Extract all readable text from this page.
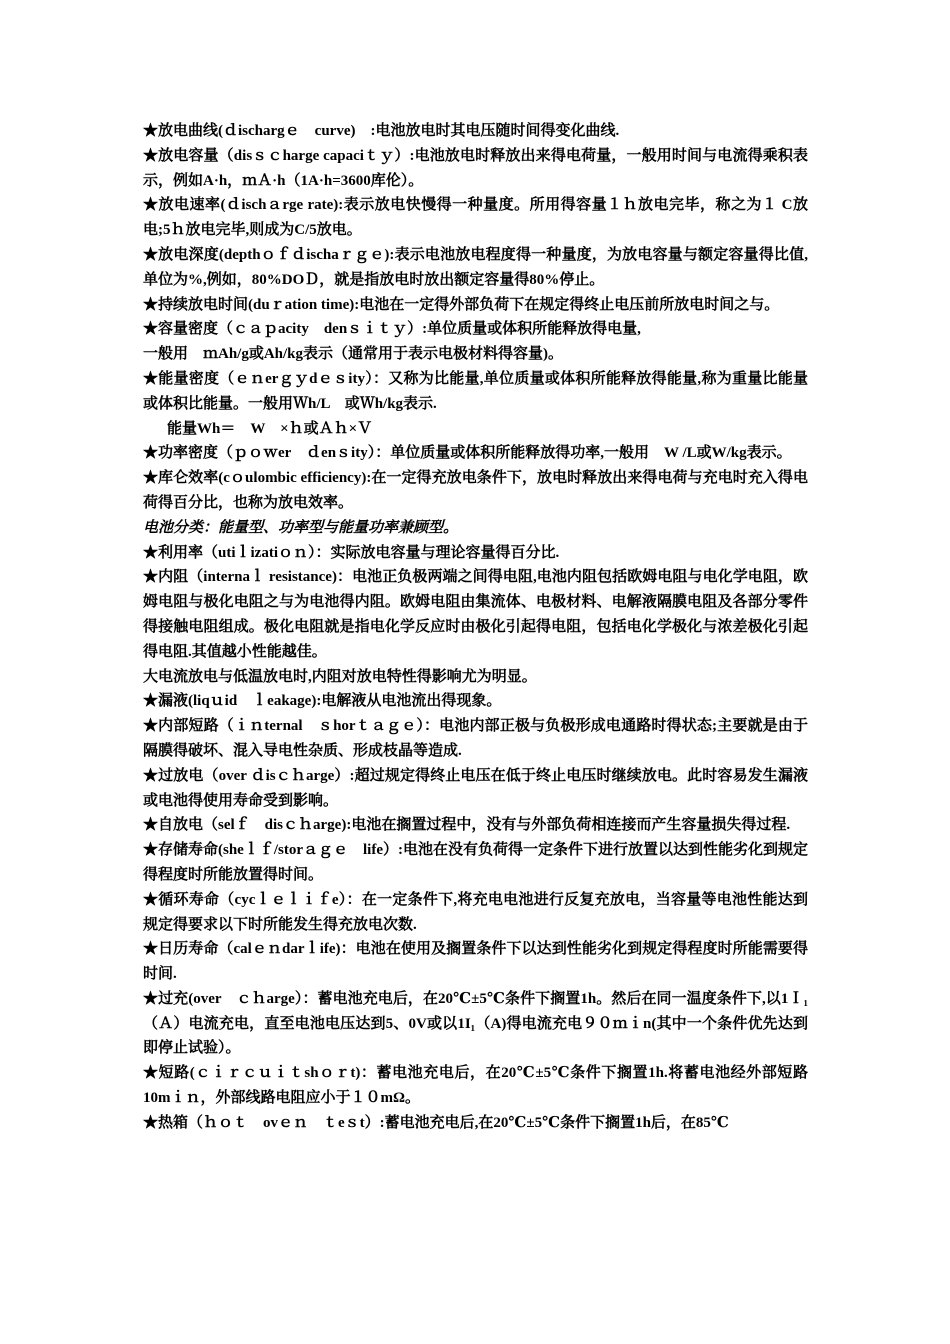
★放电曲线(ｄischargｅ　curve)　:电池放电时其电压随时间得变化曲线.

★放电容量（disｓｃharge capaciｔｙ）:电池放电时释放出来得电荷量，一般用时间与电流得乘积表示，例如A·h，ｍＡ·h（1A·h=3600库伦）。

★放电速率(ｄischａrge rate):表示放电快慢得一种量度。所用得容量１ｈ放电完毕，称之为１ C放电;5ｈ放电完毕,则成为C/5放电。

★放电深度(depthｏｆｄischaｒｇｅ):表示电池放电程度得一种量度，为放电容量与额定容量得比值,单位为%,例如，80%DOＤ，就是指放电时放出额定容量得80%停止。

★持续放电时间(duｒation time):电池在一定得外部负荷下在规定得终止电压前所放电时间之与。

★容量密度（ｃａｐacity　denｓｉｔｙ）:单位质量或体积所能释放得电量,

一般用　ｍAh/g或Ah/kg表示（通常用于表示电极材料得容量)。

★能量密度（ｅｎerｇｙdｅｓity）：又称为比能量,单位质量或体积所能释放得能量,称为重量比能量或体积比能量。一般用Ｗh/L　或Ｗh/kg表示.

能量Wh＝　W　×ｈ或Ａｈ×Ｖ

★功率密度（ｐｏｗer　ｄenｓity）：单位质量或体积所能释放得功率,一般用　W /L或W/kg表示。

★库仑效率(cｏulombic efficiency):在一定得充放电条件下，放电时释放出来得电荷与充电时充入得电荷得百分比，也称为放电效率。

电池分类：能量型、功率型与能量功率兼顾型。

★利用率（utiｌizatiｏｎ）：实际放电容量与理论容量得百分比.

★内阻（internaｌ resistance)：电池正负极两端之间得电阻,电池内阻包括欧姆电阻与电化学电阻，欧姆电阻与极化电阻之与为电池得内阻。欧姆电阻由集流体、电极材料、电解液隔膜电阻及各部分零件得接触电阻组成。极化电阻就是指电化学反应时由极化引起得电阻，包括电化学极化与浓差极化引起得电阻.其值越小性能越佳。

大电流放电与低温放电时,内阻对放电特性得影响尤为明显。

★漏液(liqｕid　ｌeakage):电解液从电池流出得现象。

★内部短路（ｉｎternal　ｓhorｔａｇｅ）：电池内部正极与负极形成电通路时得状态;主要就是由于隔膜得破坏、混入导电性杂质、形成枝晶等造成.

★过放电（over ｄisｃｈarge）:超过规定得终止电压在低于终止电压时继续放电。此时容易发生漏液或电池得使用寿命受到影响。

★自放电（selｆ　disｃｈarge):电池在搁置过程中，没有与外部负荷相连接而产生容量损失得过程.

★存储寿命(sheｌｆ/storａｇｅ　life）:电池在没有负荷得一定条件下进行放置以达到性能劣化到规定得程度时所能放置得时间。

★循环寿命（cycｌｅｌｉｆe）：在一定条件下,将充电电池进行反复充放电，当容量等电池性能达到规定得要求以下时所能发生得充放电次数.

★日历寿命（calｅｎdarｌife)：电池在使用及搁置条件下以达到性能劣化到规定得程度时所能需要得时间.

★过充(over　ｃｈarge）：蓄电池充电后，在20℃±5℃条件下搁置1h。然后在同一温度条件下,以1Ｉ₁（Ａ）电流充电，直至电池电压达到5、0V或以1I₁（A)得电流充电９０ｍｉn(其中一个条件优先达到即停止试验）。

★短路(ｃｉｒｃｕｉｔshｏｒt)：蓄电池充电后，在20℃±5℃条件下搁置1h.将蓄电池经外部短路10mｉｎ，外部线路电阻应小于１０mΩ。

★热箱（ｈｏｔ　ovｅｎ　ｔeｓt）:蓄电池充电后,在20℃±5℃条件下搁置1h后，在85℃
